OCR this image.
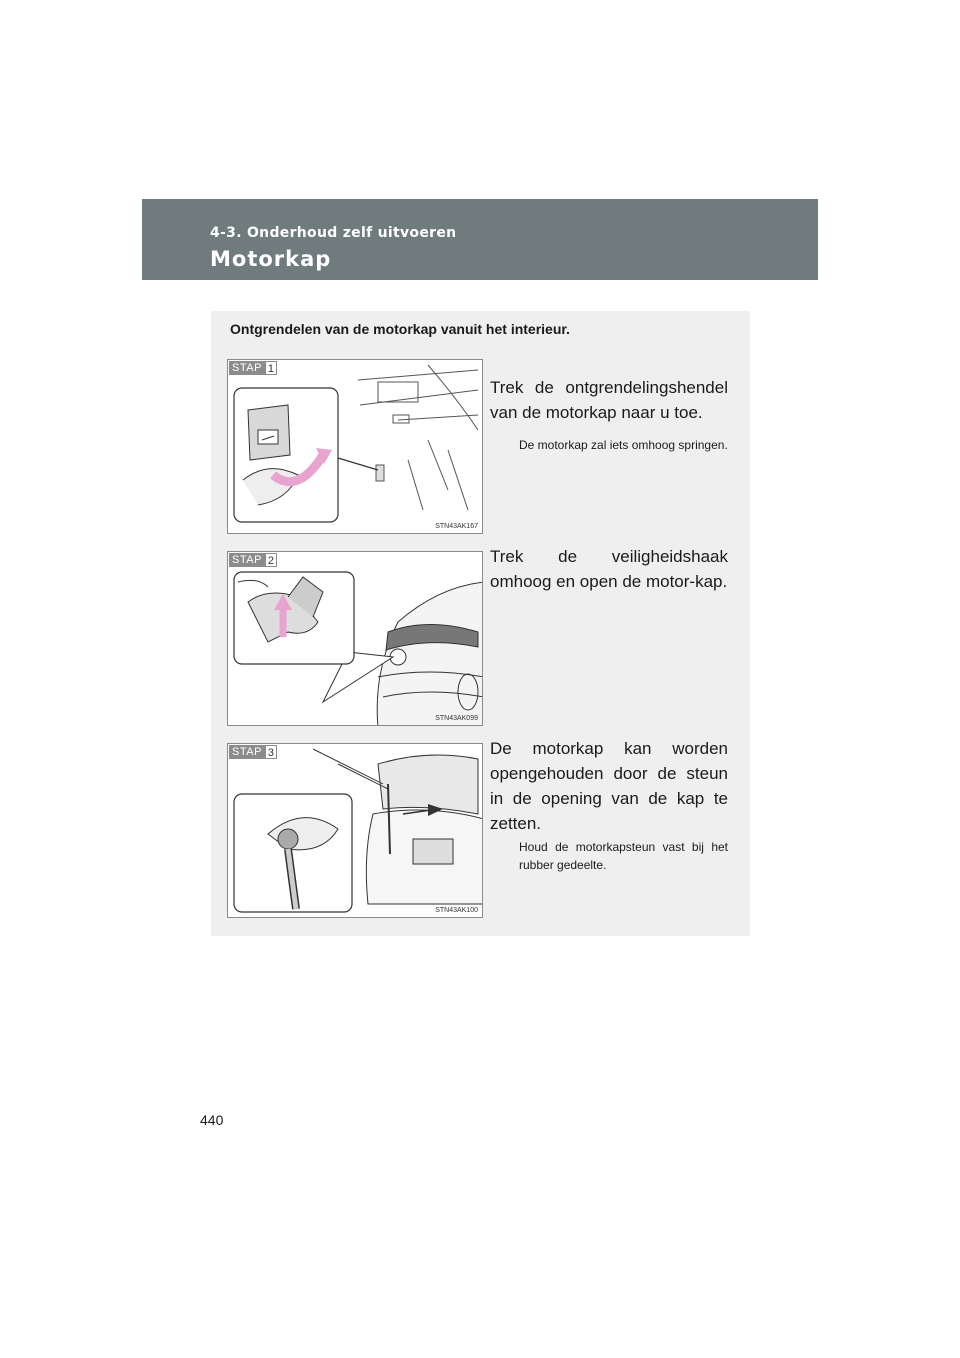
4-3. Onderhoud zelf uitvoeren
Motorkap
Ontgrendelen van de motorkap vanuit het interieur.
STAP 1
STN43AK167
Trek de ontgrendelingshendel van de motorkap naar u toe.
De motorkap zal iets omhoog springen.
STAP 2
STN43AK099
Trek de veiligheidshaak omhoog en open de motor-kap.
STAP 3
STN43AK100
De motorkap kan worden opengehouden door de steun in de opening van de kap te zetten.
Houd de motorkapsteun vast bij het rubber gedeelte.
440
